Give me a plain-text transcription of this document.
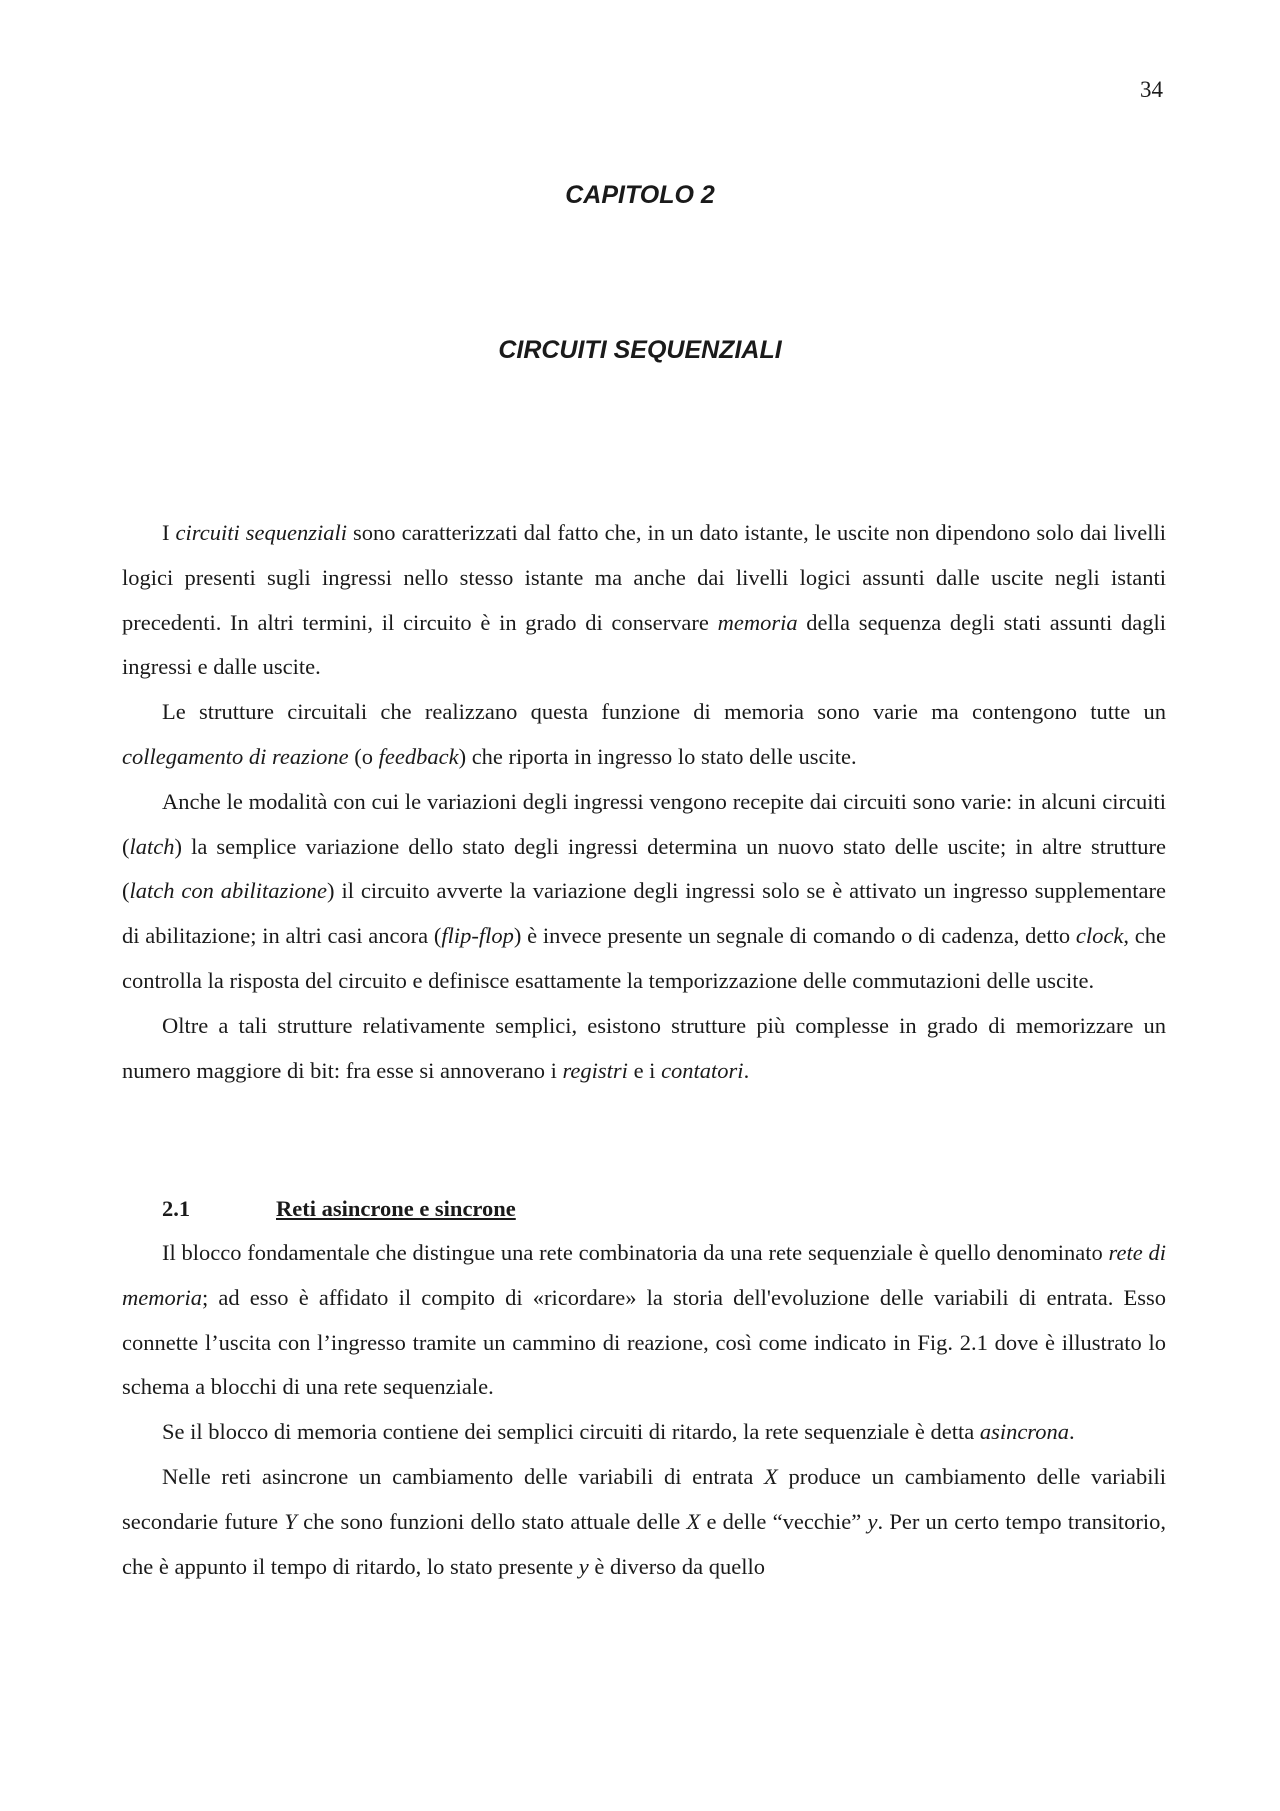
34
CAPITOLO 2
CIRCUITI SEQUENZIALI

I circuiti sequenziali sono caratterizzati dal fatto che, in un dato istante, le uscite non dipendono solo dai livelli logici presenti sugli ingressi nello stesso istante ma anche dai livelli logici assunti dalle uscite negli istanti precedenti. In altri termini, il circuito è in grado di conservare memoria della sequenza degli stati assunti dagli ingressi e dalle uscite.

Le strutture circuitali che realizzano questa funzione di memoria sono varie ma contengono tutte un collegamento di reazione (o feedback) che riporta in ingresso lo stato delle uscite.

Anche le modalità con cui le variazioni degli ingressi vengono recepite dai circuiti sono varie: in alcuni circuiti (latch) la semplice variazione dello stato degli ingressi determina un nuovo stato delle uscite; in altre strutture (latch con abilitazione) il circuito avverte la variazione degli ingressi solo se è attivato un ingresso supplementare di abilitazione; in altri casi ancora (flip-flop) è invece presente un segnale di comando o di cadenza, detto clock, che controlla la risposta del circuito e definisce esattamente la temporizzazione delle commutazioni delle uscite.

Oltre a tali strutture relativamente semplici, esistono strutture più complesse in grado di memorizzare un numero maggiore di bit: fra esse si annoverano i registri e i contatori.

2.1	Reti asincrone e sincrone

Il blocco fondamentale che distingue una rete combinatoria da una rete sequenziale è quello denominato rete di memoria; ad esso è affidato il compito di «ricordare» la storia dell'evoluzione delle variabili di entrata. Esso connette l’uscita con l’ingresso tramite un cammino di reazione, così come indicato in Fig. 2.1 dove è illustrato lo schema a blocchi di una rete sequenziale.

Se il blocco di memoria contiene dei semplici circuiti di ritardo, la rete sequenziale è detta asincrona.

Nelle reti asincrone un cambiamento delle variabili di entrata X produce un cambiamento delle variabili secondarie future Y che sono funzioni dello stato attuale delle X e delle “vecchie” y. Per un certo tempo transitorio, che è appunto il tempo di ritardo, lo stato presente y è diverso da quello
